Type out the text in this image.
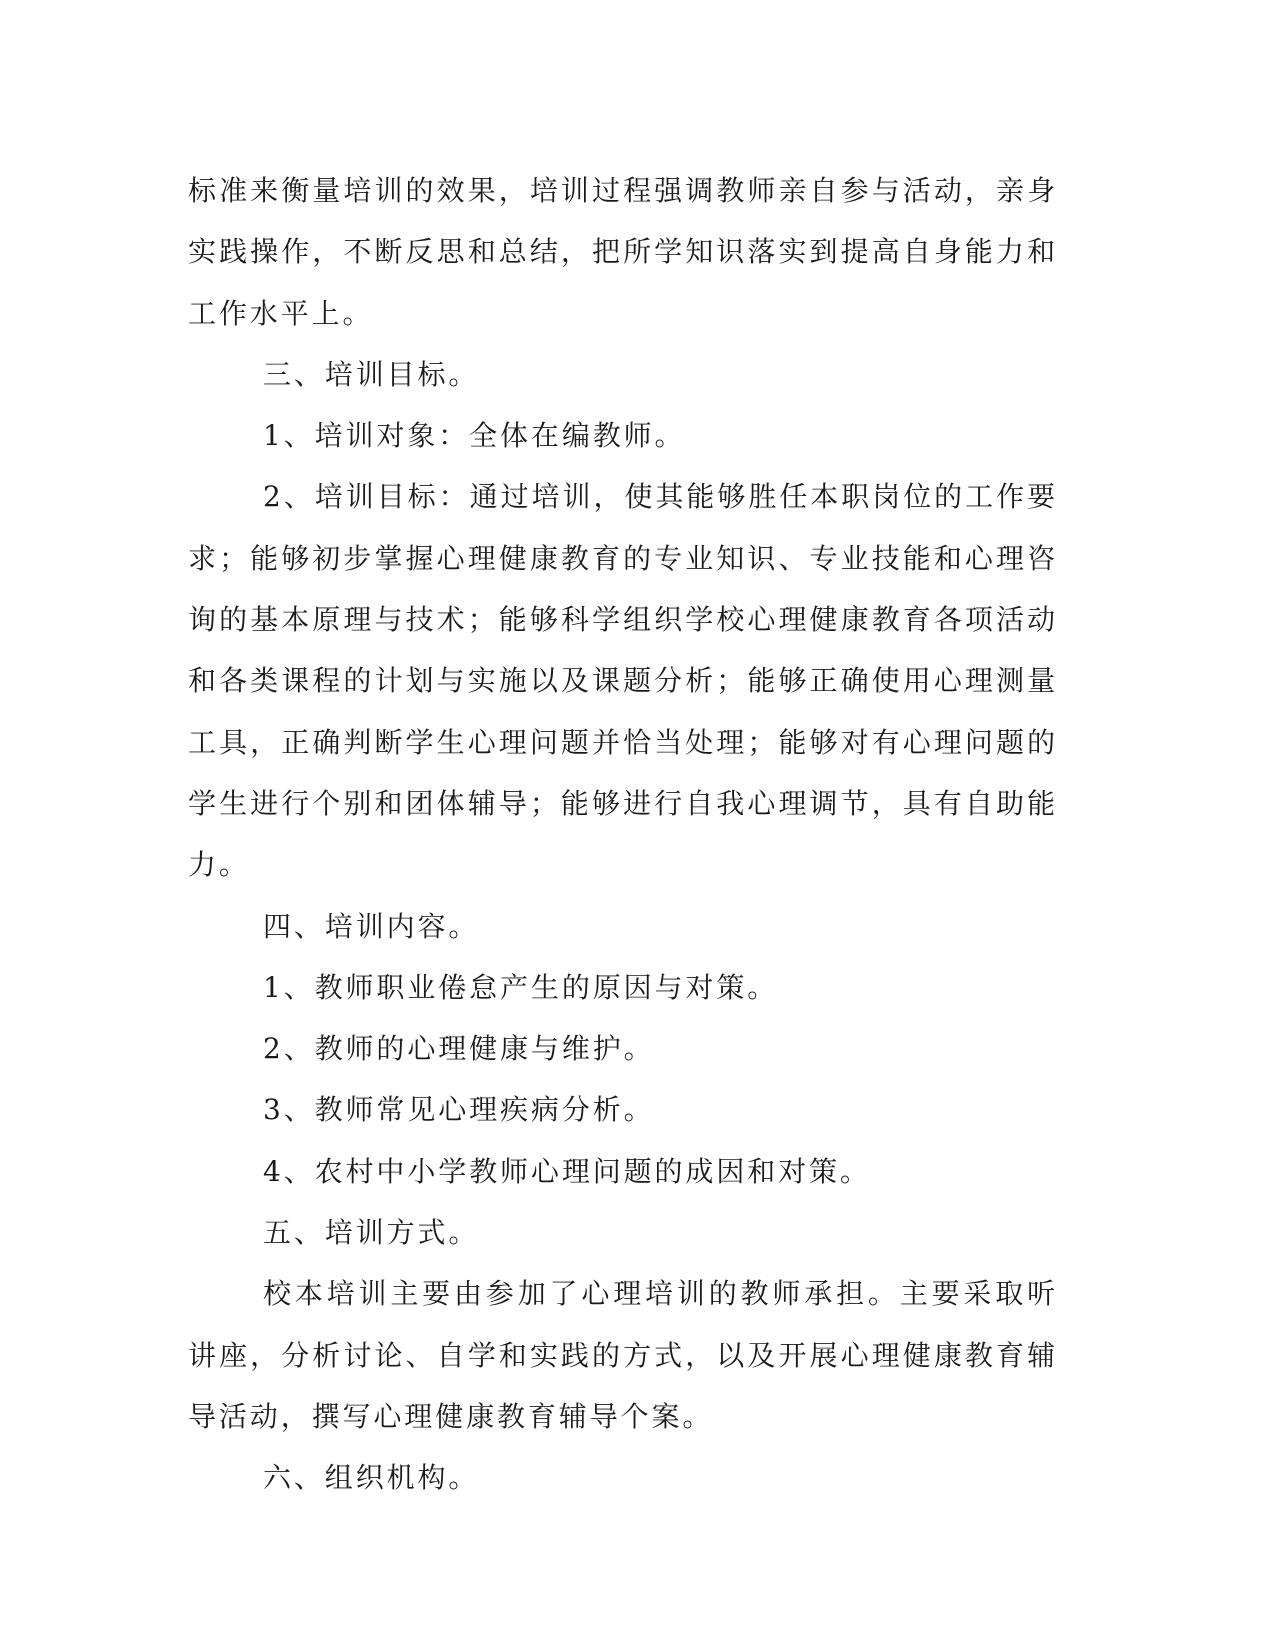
标准来衡量培训的效果，培训过程强调教师亲自参与活动，亲身实践操作，不断反思和总结，把所学知识落实到提高自身能力和工作水平上。

三、培训目标。

1、培训对象：全体在编教师。

2、培训目标：通过培训，使其能够胜任本职岗位的工作要求；能够初步掌握心理健康教育的专业知识、专业技能和心理咨询的基本原理与技术；能够科学组织学校心理健康教育各项活动和各类课程的计划与实施以及课题分析；能够正确使用心理测量工具，正确判断学生心理问题并恰当处理；能够对有心理问题的学生进行个别和团体辅导；能够进行自我心理调节，具有自助能力。

四、培训内容。

1、教师职业倦怠产生的原因与对策。

2、教师的心理健康与维护。

3、教师常见心理疾病分析。

4、农村中小学教师心理问题的成因和对策。

五、培训方式。

校本培训主要由参加了心理培训的教师承担。主要采取听讲座，分析讨论、自学和实践的方式，以及开展心理健康教育辅导活动，撰写心理健康教育辅导个案。

六、组织机构。
